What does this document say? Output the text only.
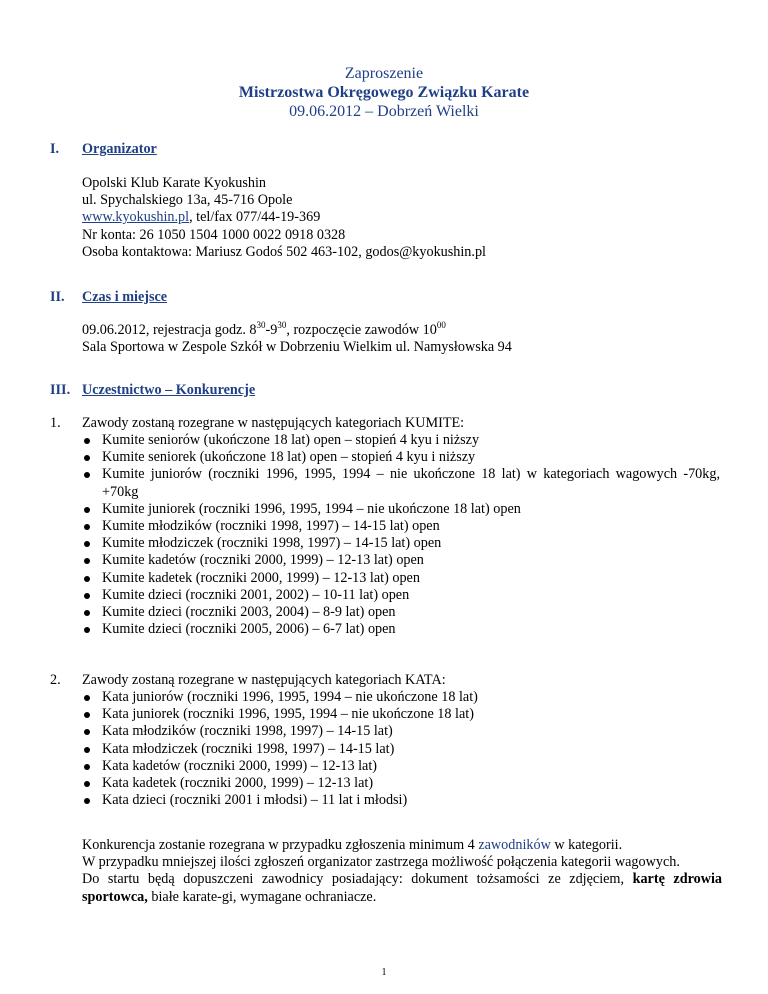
Zaproszenie
Mistrzostwa Okręgowego Związku Karate
09.06.2012 – Dobrzeń Wielki
I. Organizator
Opolski Klub Karate Kyokushin
ul. Spychalskiego 13a, 45-716 Opole
www.kyokushin.pl, tel/fax 077/44-19-369
Nr konta: 26 1050 1504 1000 0022 0918 0328
Osoba kontaktowa: Mariusz Godoś 502 463-102, godos@kyokushin.pl
II. Czas i miejsce
09.06.2012, rejestracja godz. $8^{30}-9^{30}$, rozpoczęcie zawodów $10^{00}$
Sala Sportowa w Zespole Szkół w Dobrzeniu Wielkim ul. Namysłowska 94
III. Uczestnictwo – Konkurencje
1. Zawody zostaną rozegrane w następujących kategoriach KUMITE:
Kumite seniorów (ukończone 18 lat) open – stopień 4 kyu i niższy
Kumite seniorek (ukończone 18 lat) open – stopień 4 kyu i niższy
Kumite juniorów (roczniki 1996, 1995, 1994 – nie ukończone 18 lat) w kategoriach wagowych -70kg, +70kg
Kumite juniorek (roczniki 1996, 1995, 1994 – nie ukończone 18 lat) open
Kumite młodzików (roczniki 1998, 1997) – 14-15 lat) open
Kumite młodziczek (roczniki 1998, 1997) – 14-15 lat) open
Kumite kadetów (roczniki 2000, 1999) – 12-13 lat) open
Kumite kadetek (roczniki 2000, 1999) – 12-13 lat) open
Kumite dzieci (roczniki 2001, 2002) – 10-11 lat) open
Kumite dzieci (roczniki 2003, 2004) – 8-9 lat) open
Kumite dzieci (roczniki 2005, 2006) – 6-7 lat) open
2. Zawody zostaną rozegrane w następujących kategoriach KATA:
Kata juniorów (roczniki 1996, 1995, 1994 – nie ukończone 18 lat)
Kata juniorek (roczniki 1996, 1995, 1994 – nie ukończone 18 lat)
Kata młodzików (roczniki 1998, 1997) – 14-15 lat)
Kata młodziczek (roczniki 1998, 1997) – 14-15 lat)
Kata kadetów (roczniki 2000, 1999) – 12-13 lat)
Kata kadetek (roczniki 2000, 1999) – 12-13 lat)
Kata dzieci (roczniki 2001 i młodsi) – 11 lat i młodsi)
Konkurencja zostanie rozegrana w przypadku zgłoszenia minimum 4 zawodników w kategorii.
W przypadku mniejszej ilości zgłoszeń organizator zastrzega możliwość połączenia kategorii wagowych.
Do startu będą dopuszczeni zawodnicy posiadający: dokument tożsamości ze zdjęciem, kartę zdrowia sportowca, białe karate-gi, wymagane ochraniacze.
1
